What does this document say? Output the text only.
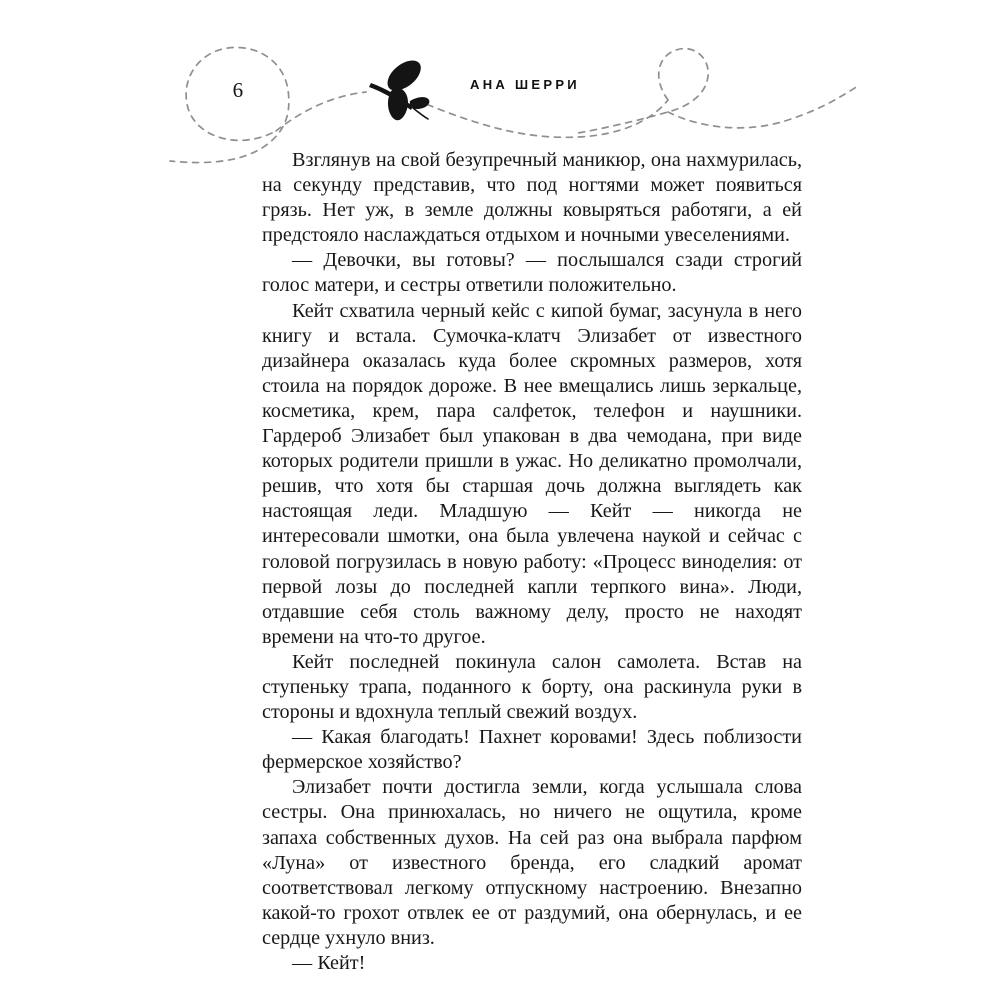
6	АНА ШЕРРИ

Взглянув на свой безупречный маникюр, она нахмурилась, на секунду представив, что под ногтями может появиться грязь. Нет уж, в земле должны ковыряться работяги, а ей предстояло наслаждаться отдыхом и ночными увеселениями.

— Девочки, вы готовы? — послышался сзади строгий голос матери, и сестры ответили положительно.

Кейт схватила черный кейс с кипой бумаг, засунула в него книгу и встала. Сумочка-клатч Элизабет от известного дизайнера оказалась куда более скромных размеров, хотя стоила на порядок дороже. В нее вмещались лишь зеркальце, косметика, крем, пара салфеток, телефон и наушники. Гардероб Элизабет был упакован в два чемодана, при виде которых родители пришли в ужас. Но деликатно промолчали, решив, что хотя бы старшая дочь должна выглядеть как настоящая леди. Младшую — Кейт — никогда не интересовали шмотки, она была увлечена наукой и сейчас с головой погрузилась в новую работу: «Процесс виноделия: от первой лозы до последней капли терпкого вина». Люди, отдавшие себя столь важному делу, просто не находят времени на что-то другое.

Кейт последней покинула салон самолета. Встав на ступеньку трапа, поданного к борту, она раскинула руки в стороны и вдохнула теплый свежий воздух.

— Какая благодать! Пахнет коровами! Здесь поблизости фермерское хозяйство?

Элизабет почти достигла земли, когда услышала слова сестры. Она принюхалась, но ничего не ощутила, кроме запаха собственных духов. На сей раз она выбрала парфюм «Луна» от известного бренда, его сладкий аромат соответствовал легкому отпускному настроению. Внезапно какой-то грохот отвлек ее от раздумий, она обернулась, и ее сердце ухнуло вниз.

— Кейт!
